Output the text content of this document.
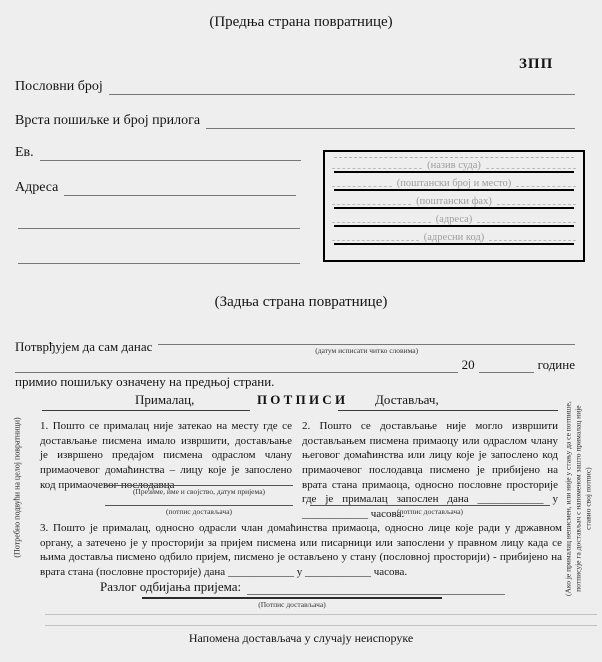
(Предња страна повратнице)
ЗПП
Пословни број
Врста пошиљке и број прилога
Ев.
Адреса
(назив суда)
(поштански број и место)
(поштански фах)
(адреса)
(адресни код)
(Задња страна повратнице)
Потврђујем да сам данас	(датум исписати читко словима)
20	године
примио пошиљку означену на предњој страни.
Прималац,	П О Т П И С И	Достављач,
1. Пошто се прималац није затекао на месту где се достављање писмена имало извршити, достављање је извршено предајом писмена одраслом члану примаочевог домаћинства – лицу које је запослено код примаочевог послодавца
2. Пошто се достављање није могло извршити достављањем писмена примаоцу или одраслом члану његовог домаћинства или лицу које је запослено код примаочевог послодавца писмено је прибијено на врата стана примаоца, односно пословне просторије где је прималац запослен дана ____________ у ____________ часова.
(Презиме, име и својство, датум пријема)
(потпис достављача)	(потпис достављача)
3. Пошто је прималац, односно одрасли члан домаћинства примаоца, односно лице које ради у државном органу, а затечено је у просторији за пријем писмена или писарници или запослени у правном лицу када се њима доставља писмено одбило пријем, писмено је остављено у стану (пословној просторији) - прибијено на врата стана (пословне просторије) дана ____________ у ____________ часова.
Разлог одбијања пријема:
(Потпис достављача)
Напомена достављача у случају неиспоруке
(Потребно подвући на целој повратници)	(Ако је прималац неписмен, или није у стању да се потпише, потписује га достављач с напоменом зашто прималац није ставио свој потпис)
